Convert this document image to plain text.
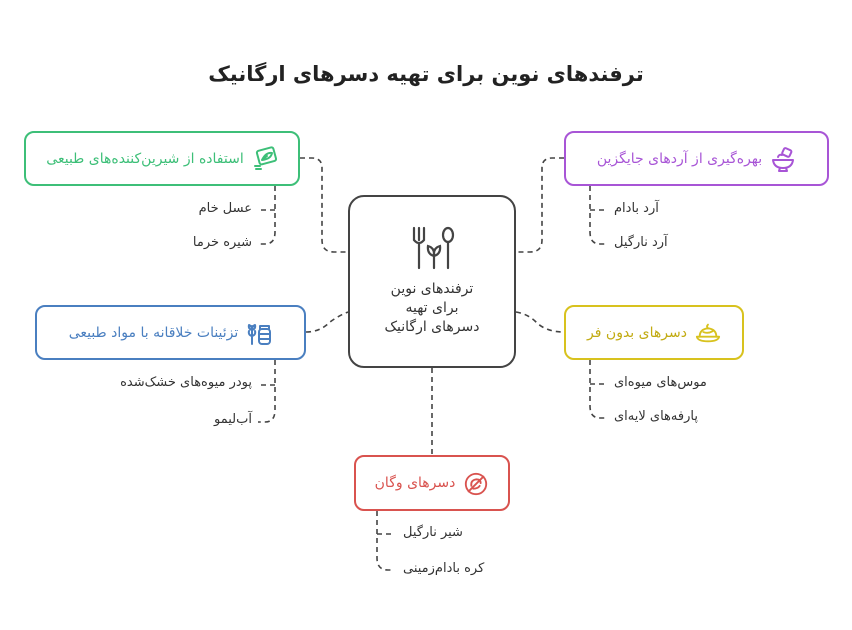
ترفندهای نوین برای تهیه دسرهای ارگانیک
ترفندهای نوین برای تهیه دسرهای ارگانیک
استفاده از شیرین‌کننده‌های طبیعی
عسل خام
شیره خرما
بهره‌گیری از آردهای جایگزین
آرد بادام
آرد نارگیل
تزئینات خلاقانه با مواد طبیعی
پودر میوه‌های خشک‌شده
آب‌لیمو
دسرهای بدون فر
موس‌های میوه‌ای
پارفه‌های لایه‌ای
دسرهای وگان
شیر نارگیل
کره بادام‌زمینی
